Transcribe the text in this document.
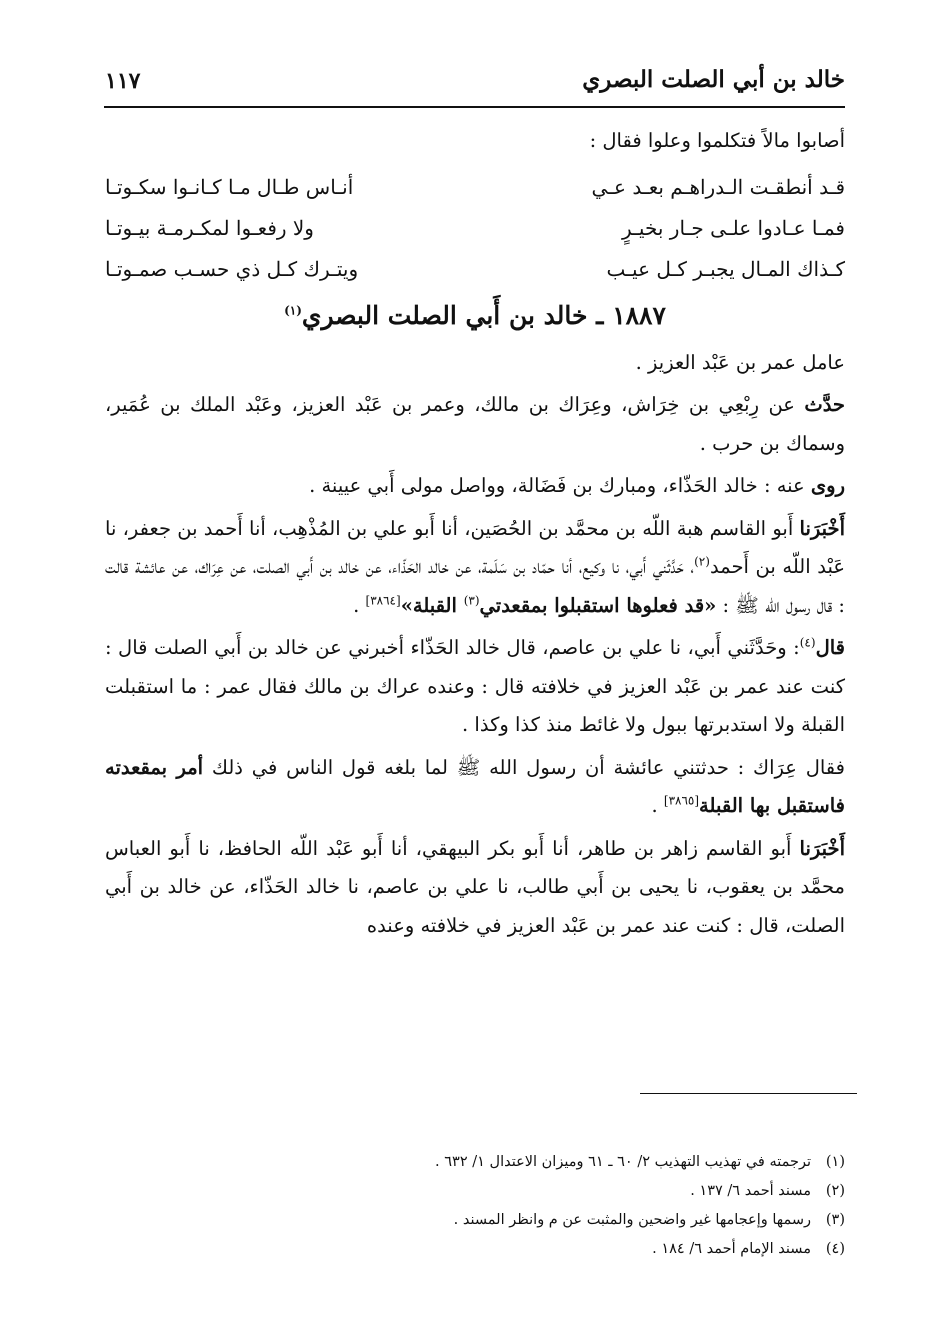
خالد بن أبي الصلت البصري
١١٧

أصابوا مالاً فتكلموا وعلوا فقال :

قـد أنطقـت الـدراهـم بعـد عـي
أنـاس طـال مـا كـانـوا سكـوتـا
فمـا عـادوا علـى جـار بخيـرٍ
ولا رفعـوا لمكـرمـة بيـوتـا
كـذاك المـال يجبـر كـل عيـب
ويتـرك كـل ذي حسـب صمـوتـا
١٨٨٧ ـ خالد بن أَبي الصلت البصري$^{(١)}$

عامل عمر بن عَبْد العزيز .

حدَّث عن رِبْعِي بن خِرَاش، وعِرَاك بن مالك، وعمر بن عَبْد العزيز، وعَبْد الملك بن عُمَير، وسماك بن حرب .

روى عنه : خالد الحَذّاء، ومبارك بن فَضَالة، وواصل مولى أَبي عيينة .

أَخْبَرَنا أَبو القاسم هبة اللّه بن محمَّد بن الحُصَين، أنا أَبو علي بن المُذْهِب، أنا أَحمد بن جعفر، نا عَبْد اللّه بن أَحمد$^{(٢)}$، حَدَّثَني أَبي، نا وكيع، أنا حمّاد بن سَلَمة، عن خالد الحَذّاء، عن خالد بن أَبي الصلت، عن عِرَاك، عن عائشة قالت : قال رسول الله ﷺ : «قد فعلوها استقبلوا بمقعدتي$^{(٣)}$ القبلة»[٣٨٦٤] .

قال$^{(٤)}$: وحَدَّثَني أَبي، نا علي بن عاصم، قال خالد الحَذّاء أخبرني عن خالد بن أَبي الصلت قال : كنت عند عمر بن عَبْد العزيز في خلافته قال : وعنده عراك بن مالك فقال عمر : ما استقبلت القبلة ولا استدبرتها ببول ولا غائط منذ كذا وكذا .

فقال عِرَاك : حدثتني عائشة أن رسول الله ﷺ لما بلغه قول الناس في ذلك أمر بمقعدته فاستقبل بها القبلة[٣٨٦٥] .

أَخْبَرَنا أَبو القاسم زاهر بن طاهر، أنا أَبو بكر البيهقي، أنا أَبو عَبْد اللّه الحافظ، نا أَبو العباس محمَّد بن يعقوب، نا يحيى بن أَبي طالب، نا علي بن عاصم، نا خالد الحَذّاء، عن خالد بن أَبي الصلت، قال : كنت عند عمر بن عَبْد العزيز في خلافته وعنده

(١)ترجمته في تهذيب التهذيب ٢/ ٦٠ ـ ٦١ وميزان الاعتدال ١/ ٦٣٢ .
(٢)مسند أحمد ٦/ ١٣٧ .
(٣)رسمها وإعجامها غير واضحين والمثبت عن م وانظر المسند .
(٤)مسند الإمام أحمد ٦/ ١٨٤ .
